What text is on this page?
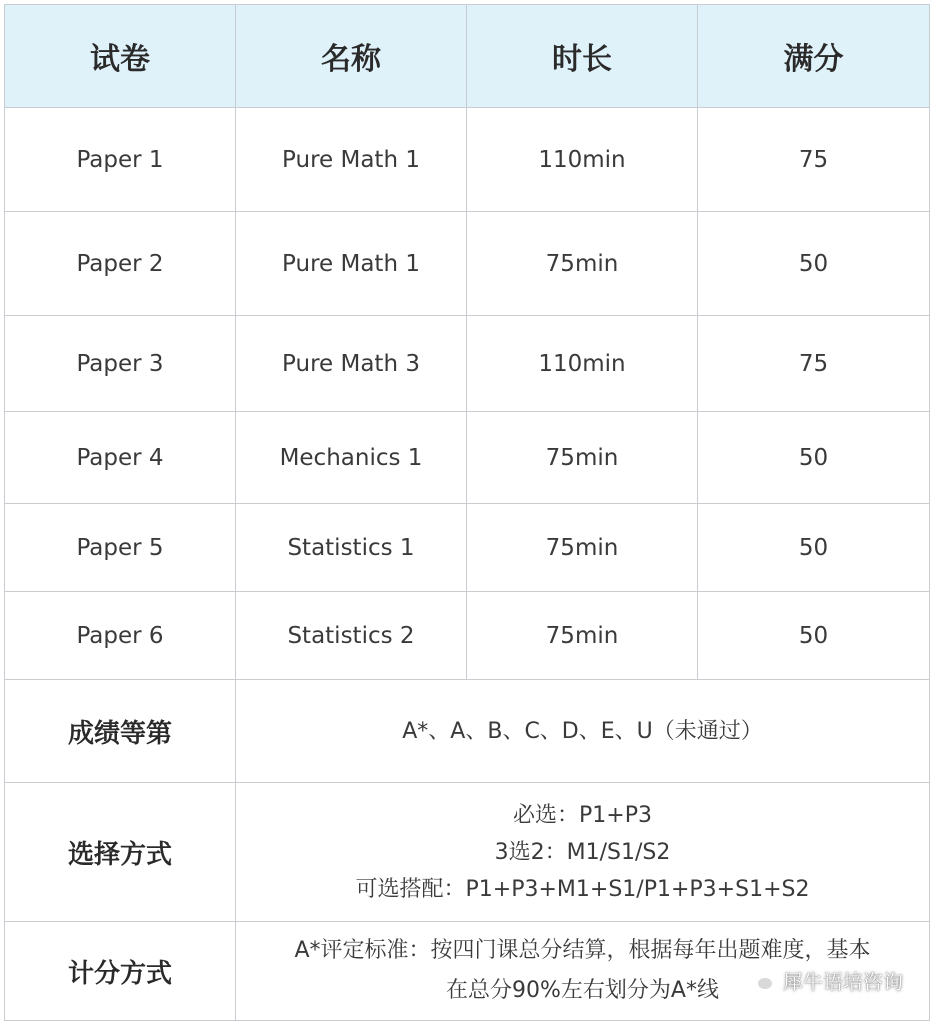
试卷	名称	时长	满分
Paper 1	Pure Math 1	110min	75
Paper 2	Pure Math 1	75min	50
Paper 3	Pure Math 3	110min	75
Paper 4	Mechanics 1	75min	50
Paper 5	Statistics 1	75min	50
Paper 6	Statistics 2	75min	50
成绩等第	A*、A、B、C、D、E、U（未通过）		
选择方式	必选：P1+P3
3选2：M1/S1/S2
可选搭配：P1+P3+M1+S1/P1+P3+S1+S2		

计分方式	A*评定标准：按四门课总分结算，根据每年出题难度，基本
在总分90%左右划分为A*线			犀牛语培咨询
